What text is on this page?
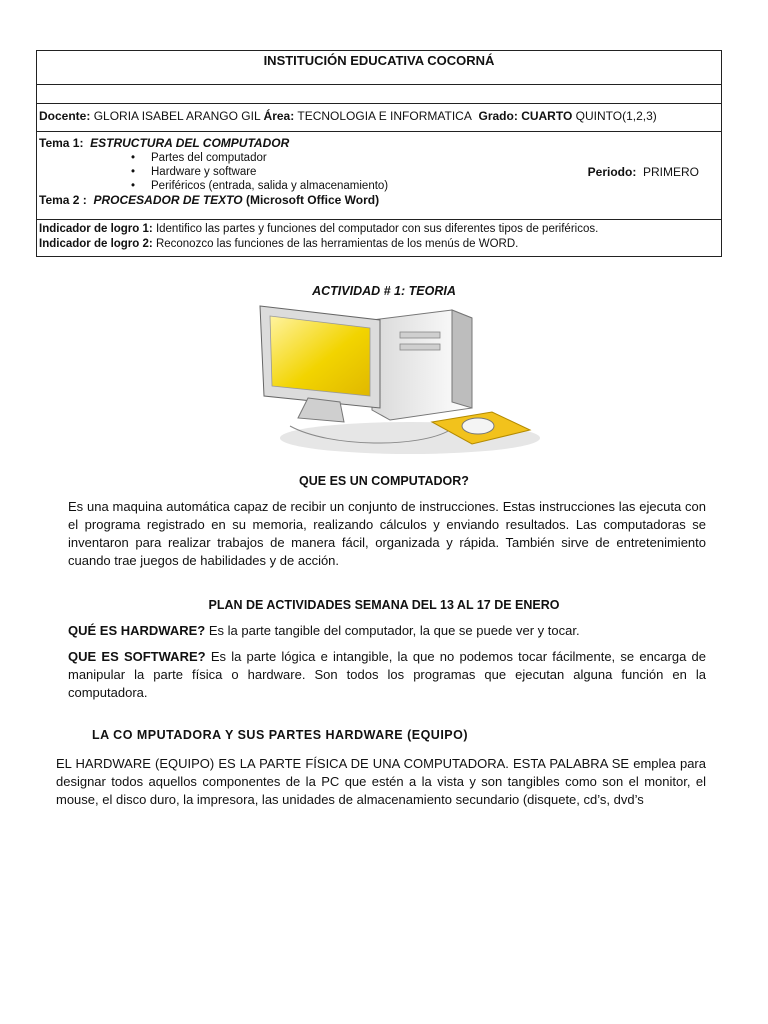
INSTITUCIÓN EDUCATIVA COCORNÁ
Docente: GLORIA ISABEL ARANGO GIL Área: TECNOLOGIA E INFORMATICA Grado: CUARTO QUINTO(1,2,3)
Tema 1: ESTRUCTURA DEL COMPUTADOR
• Partes del computador
• Hardware y software
• Periféricos (entrada, salida y almacenamiento)
Periodo: PRIMERO
Tema 2 : PROCESADOR DE TEXTO (Microsoft Office Word)
Indicador de logro 1: Identifico las partes y funciones del computador con sus diferentes tipos de periféricos.
Indicador de logro 2: Reconozco las funciones de las herramientas de los menús de WORD.
ACTIVIDAD # 1: TEORIA
QUE ES UN COMPUTADOR?
Es una maquina automática capaz de recibir un conjunto de instrucciones. Estas instrucciones las ejecuta con el programa registrado en su memoria, realizando cálculos y enviando resultados. Las computadoras se inventaron para realizar trabajos de manera fácil, organizada y rápida. También sirve de entretenimiento cuando trae juegos de habilidades y de acción.
PLAN DE ACTIVIDADES SEMANA DEL 13 AL 17 DE ENERO
QUÉ ES HARDWARE? Es la parte tangible del computador, la que se puede ver y tocar.
QUE ES SOFTWARE? Es la parte lógica e intangible, la que no podemos tocar fácilmente, se encarga de manipular la parte física o hardware. Son todos los programas que ejecutan alguna función en la computadora.
LA CO MPUTADORA Y SUS PARTES HARDWARE (EQUIPO)
EL HARDWARE (EQUIPO) ES LA PARTE FÍSICA DE UNA COMPUTADORA. ESTA PALABRA SE emplea para designar todos aquellos componentes de la PC que estén a la vista y son tangibles como son el monitor, el mouse, el disco duro, la impresora, las unidades de almacenamiento secundario (disquete, cd’s, dvd’s
